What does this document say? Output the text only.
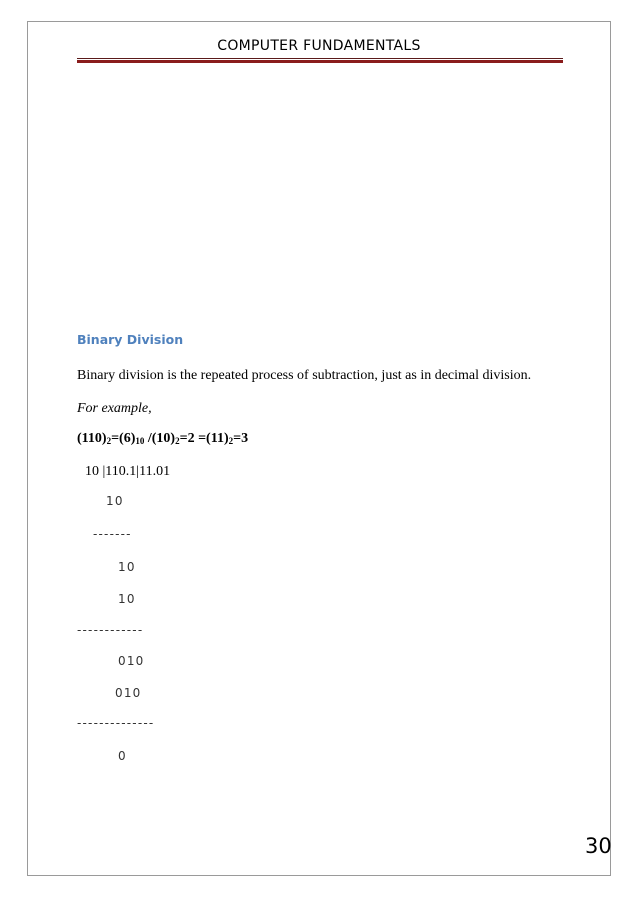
COMPUTER FUNDAMENTALS
Binary Division
Binary division is the repeated process of subtraction, just as in decimal division.
For example,
$(110)_2=(6)_{10}$ $/(10)_2=2 =(11)_2=3$
10 |110.1|11.01
10
-------
10
10
------------
010
010
--------------
0
30
